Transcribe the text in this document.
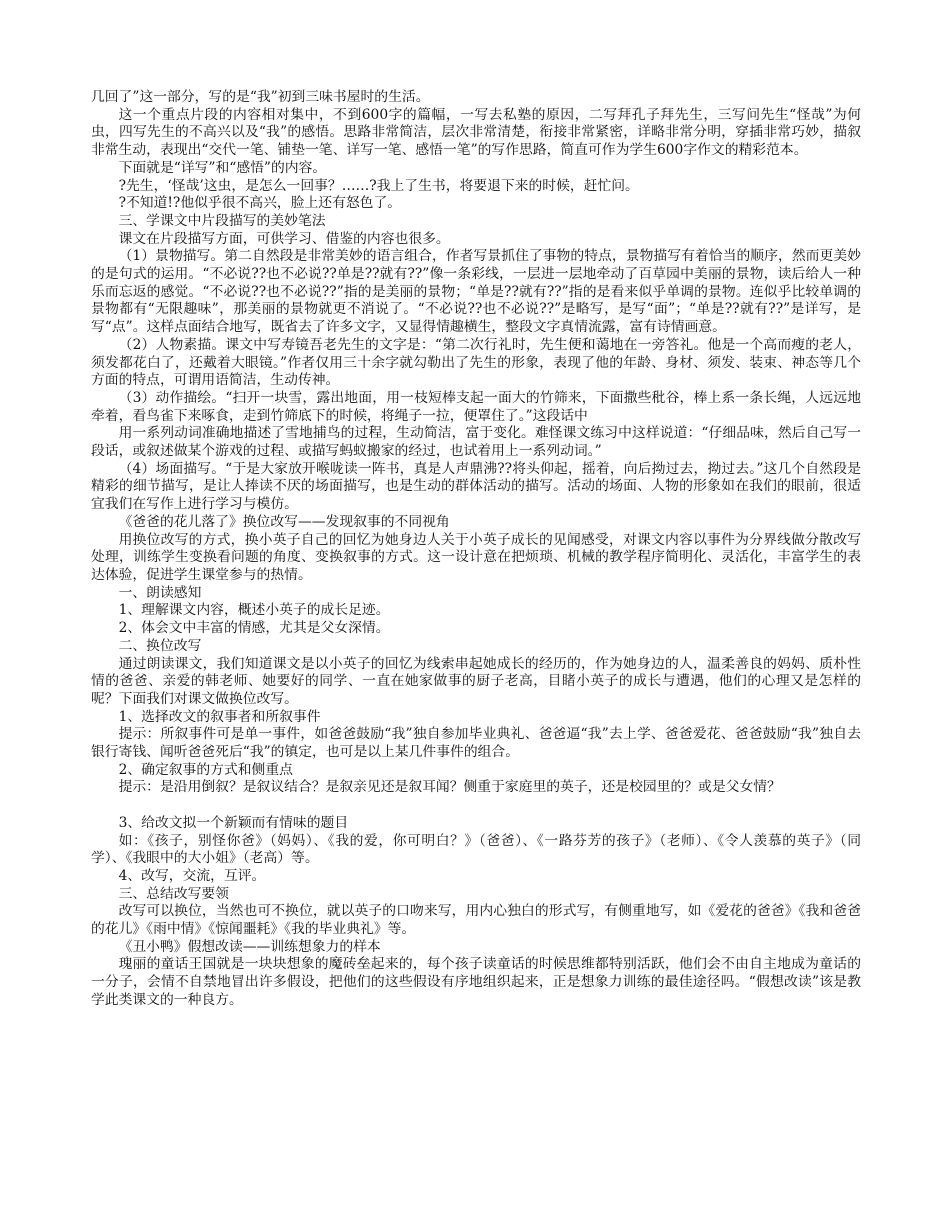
几回了”这一部分，写的是“我”初到三味书屋时的生活。

这一个重点片段的内容相对集中，不到600字的篇幅，一写去私塾的原因，二写拜孔子拜先生，三写问先生“怪哉”为何虫，四写先生的不高兴以及“我”的感悟。思路非常简洁，层次非常清楚，衔接非常紧密，详略非常分明，穿插非常巧妙，描叙非常生动，表现出“交代一笔、铺垫一笔、详写一笔、感悟一笔”的写作思路，简直可作为学生600字作文的精彩范本。

下面就是“详写”和“感悟”的内容。

?先生，‘怪哉’这虫，是怎么一回事？……?我上了生书，将要退下来的时候，赶忙问。

?不知道!?他似乎很不高兴，脸上还有怒色了。

三、学课文中片段描写的美妙笔法

课文在片段描写方面，可供学习、借鉴的内容也很多。

（1）景物描写。第二自然段是非常美妙的语言组合，作者写景抓住了事物的特点，景物描写有着恰当的顺序，然而更美妙的是句式的运用。“不必说??也不必说??单是??就有??”像一条彩线，一层进一层地牵动了百草园中美丽的景物，读后给人一种乐而忘返的感觉。“不必说??也不必说??”指的是美丽的景物；“单是??就有??”指的是看来似乎单调的景物。连似乎比较单调的景物都有“无限趣味”，那美丽的景物就更不消说了。“不必说??也不必说??”是略写，是写“面”；“单是??就有??”是详写，是写“点”。这样点面结合地写，既省去了许多文字，又显得情趣横生，整段文字真情流露，富有诗情画意。

（2）人物素描。课文中写寿镜吾老先生的文字是：“第二次行礼时，先生便和蔼地在一旁答礼。他是一个高而瘦的老人，须发都花白了，还戴着大眼镜。”作者仅用三十余字就勾勒出了先生的形象，表现了他的年龄、身材、须发、装束、神态等几个方面的特点，可谓用语简洁，生动传神。

（3）动作描绘。“扫开一块雪，露出地面，用一枝短棒支起一面大的竹筛来，下面撒些秕谷，棒上系一条长绳，人远远地牵着，看鸟雀下来啄食，走到竹筛底下的时候，将绳子一拉，便罩住了。”这段话中

用一系列动词准确地描述了雪地捕鸟的过程，生动简洁，富于变化。难怪课文练习中这样说道：“仔细品味，然后自己写一段话，或叙述做某个游戏的过程、或描写蚂蚁搬家的经过，也试着用上一系列动词。”

（4）场面描写。“于是大家放开喉咙读一阵书，真是人声鼎沸??将头仰起，摇着，向后拗过去，拗过去。”这几个自然段是精彩的细节描写，是让人捧读不厌的场面描写，也是生动的群体活动的描写。活动的场面、人物的形象如在我们的眼前，很适宜我们在写作上进行学习与模仿。

《爸爸的花儿落了》换位改写——发现叙事的不同视角

用换位改写的方式，换小英子自己的回忆为她身边人关于小英子成长的见闻感受，对课文内容以事件为分界线做分散改写处理，训练学生变换看问题的角度、变换叙事的方式。这一设计意在把烦琐、机械的教学程序简明化、灵活化，丰富学生的表达体验，促进学生课堂参与的热情。

一、朗读感知

1、理解课文内容，概述小英子的成长足迹。

2、体会文中丰富的情感，尤其是父女深情。

二、换位改写

通过朗读课文，我们知道课文是以小英子的回忆为线索串起她成长的经历的，作为她身边的人，温柔善良的妈妈、质朴性情的爸爸、亲爱的韩老师、她要好的同学、一直在她家做事的厨子老高，目睹小英子的成长与遭遇，他们的心理又是怎样的呢？下面我们对课文做换位改写。

1、选择改文的叙事者和所叙事件

提示：所叙事件可是单一事件，如爸爸鼓励“我”独自参加毕业典礼、爸爸逼“我”去上学、爸爸爱花、爸爸鼓励“我”独自去银行寄钱、闻听爸爸死后“我”的镇定，也可是以上某几件事件的组合。

2、确定叙事的方式和侧重点

提示：是沿用倒叙？是叙议结合？是叙亲见还是叙耳闻？侧重于家庭里的英子，还是校园里的？或是父女情？

3、给改文拟一个新颖而有情味的题目

如：《孩子，别怪你爸》（妈妈）、《我的爱，你可明白？》（爸爸）、《一路芬芳的孩子》（老师）、《令人羡慕的英子》（同学）、《我眼中的大小姐》（老高）等。

4、改写，交流，互评。

三、总结改写要领

改写可以换位，当然也可不换位，就以英子的口吻来写，用内心独白的形式写，有侧重地写，如《爱花的爸爸》《我和爸爸的花儿》《雨中情》《惊闻噩耗》《我的毕业典礼》等。

《丑小鸭》假想改读——训练想象力的样本

瑰丽的童话王国就是一块块想象的魔砖垒起来的，每个孩子读童话的时候思维都特别活跃，他们会不由自主地成为童话的一分子，会情不自禁地冒出许多假设，把他们的这些假设有序地组织起来，正是想象力训练的最佳途径吗。“假想改读”该是教学此类课文的一种良方。
